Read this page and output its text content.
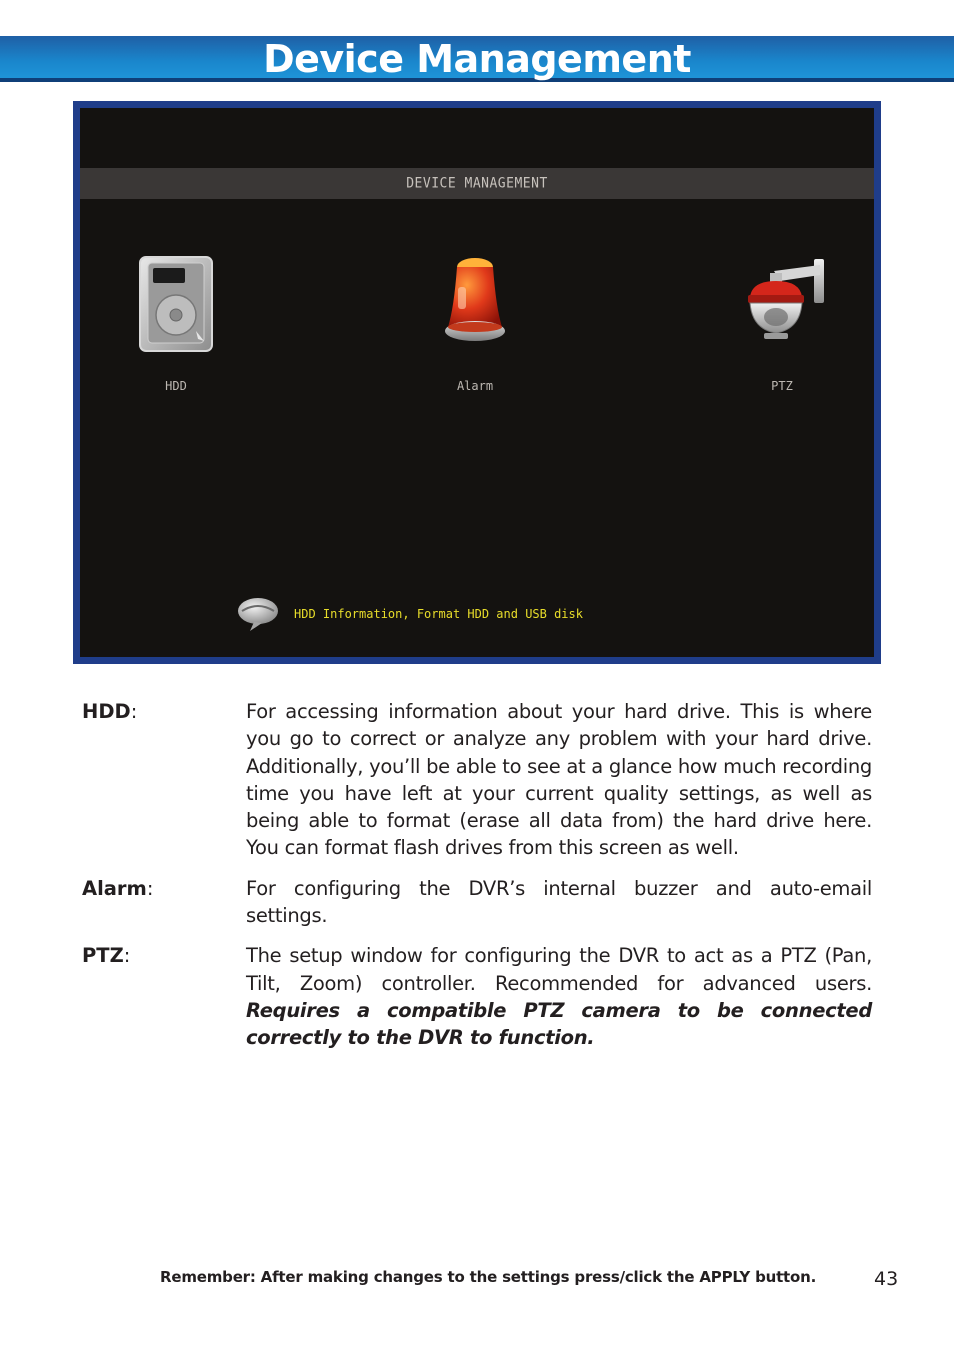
Device Management
DEVICE MANAGEMENT
HDD	Alarm	PTZ
HDD Information, Format HDD and USB disk
HDD:	For accessing information about your hard drive. This is where you go to correct or analyze any problem with your hard drive. Additionally, you’ll be able to see at a glance how much recording time you have left at your current quality settings, as well as being able to format (erase all data from) the hard drive here. You can format flash drives from this screen as well.
Alarm:	For configuring the DVR’s internal buzzer and auto-email settings.
PTZ:	The setup window for configuring the DVR to act as a PTZ (Pan, Tilt, Zoom) controller. Recommended for advanced users. Requires a compatible PTZ camera to be connected correctly to the DVR to function.
Remember: After making changes to the settings press/click the APPLY button.	43
